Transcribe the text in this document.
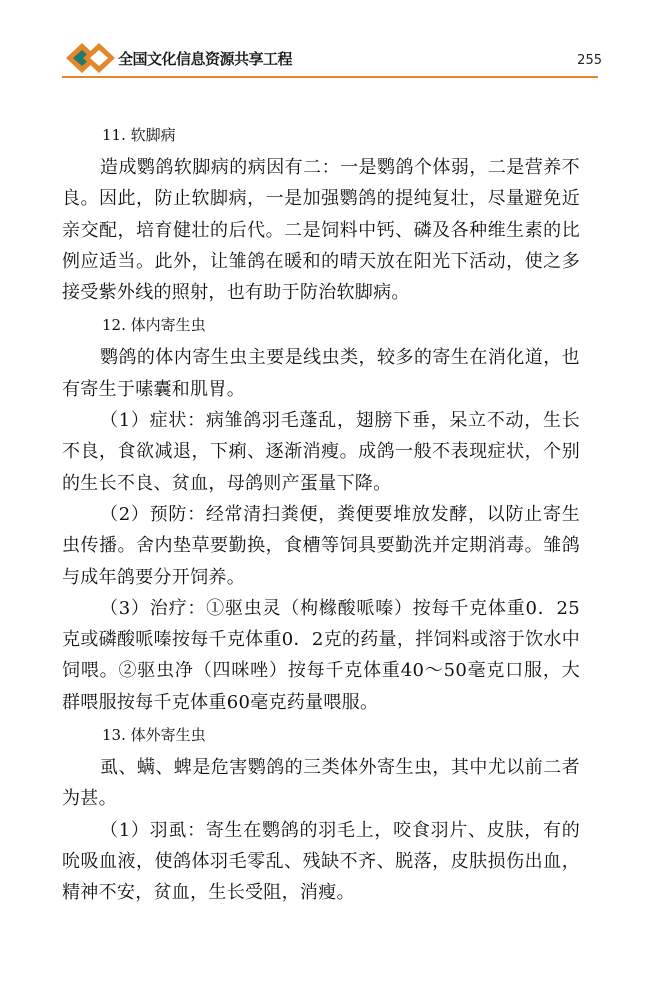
全国文化信息资源共享工程	255

11. 软脚病

造成鹦鸽软脚病的病因有二：一是鹦鸽个体弱，二是营养不良。因此，防止软脚病，一是加强鹦鸽的提纯复壮，尽量避免近亲交配，培育健壮的后代。二是饲料中钙、磷及各种维生素的比例应适当。此外，让雏鸽在暖和的晴天放在阳光下活动，使之多接受紫外线的照射，也有助于防治软脚病。

12. 体内寄生虫

鹦鸽的体内寄生虫主要是线虫类，较多的寄生在消化道，也有寄生于嗉囊和肌胃。

（1）症状：病雏鸽羽毛蓬乱，翅膀下垂，呆立不动，生长不良，食欲减退，下痢、逐渐消瘦。成鸽一般不表现症状，个别的生长不良、贫血，母鸽则产蛋量下降。

（2）预防：经常清扫粪便，粪便要堆放发酵，以防止寄生虫传播。舍内垫草要勤换，食槽等饲具要勤洗并定期消毒。雏鸽与成年鸽要分开饲养。

（3）治疗：①驱虫灵（枸橼酸哌嗪）按每千克体重0．25克或磷酸哌嗪按每千克体重0．2克的药量，拌饲料或溶于饮水中饲喂。②驱虫净（四咪唑）按每千克体重40～50毫克口服，大群喂服按每千克体重60毫克药量喂服。

13. 体外寄生虫

虱、螨、蜱是危害鹦鸽的三类体外寄生虫，其中尤以前二者为甚。

（1）羽虱：寄生在鹦鸽的羽毛上，咬食羽片、皮肤，有的吮吸血液，使鸽体羽毛零乱、残缺不齐、脱落，皮肤损伤出血，精神不安，贫血，生长受阻，消瘦。
